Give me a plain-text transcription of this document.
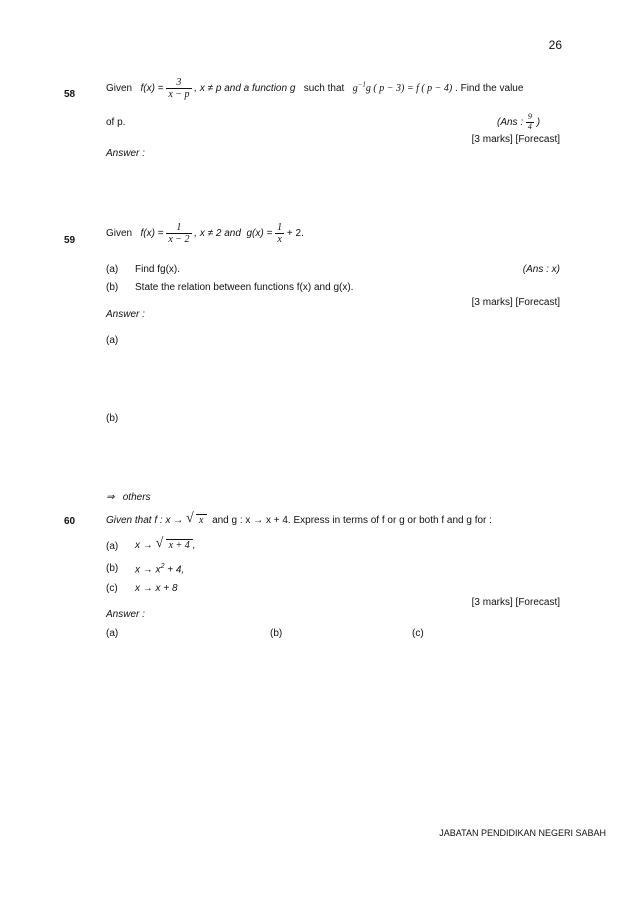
26
58
Given $f(x) = \frac{3}{x - p}$ , x ≠ p and a function g such that $g^{-1}g$ ( p − 3) = f ( p − 4) . Find the value
of p.	(Ans : $\frac{9}{4}$ )
[3 marks] [Forecast]
Answer :
59
Given $f(x) = \frac{1}{x - 2}$ , x ≠ 2 and $g(x) = \frac{1}{x} + 2$.
(a) Find fg(x).	(Ans : x)
(b) State the relation between functions f(x) and g(x).
[3 marks] [Forecast]
Answer :
(a)
(b)
⇒ others
60	Given that f : x → √ x and g : x → x + 4. Express in terms of f or g or both f and g for :
(a) x → √ x + 4 ,
(b) $x \to x^2 + 4$,
(c) x → x + 8
[3 marks] [Forecast]
Answer :
(a)	(b)	(c)
JABATAN PENDIDIKAN NEGERI SABAH
